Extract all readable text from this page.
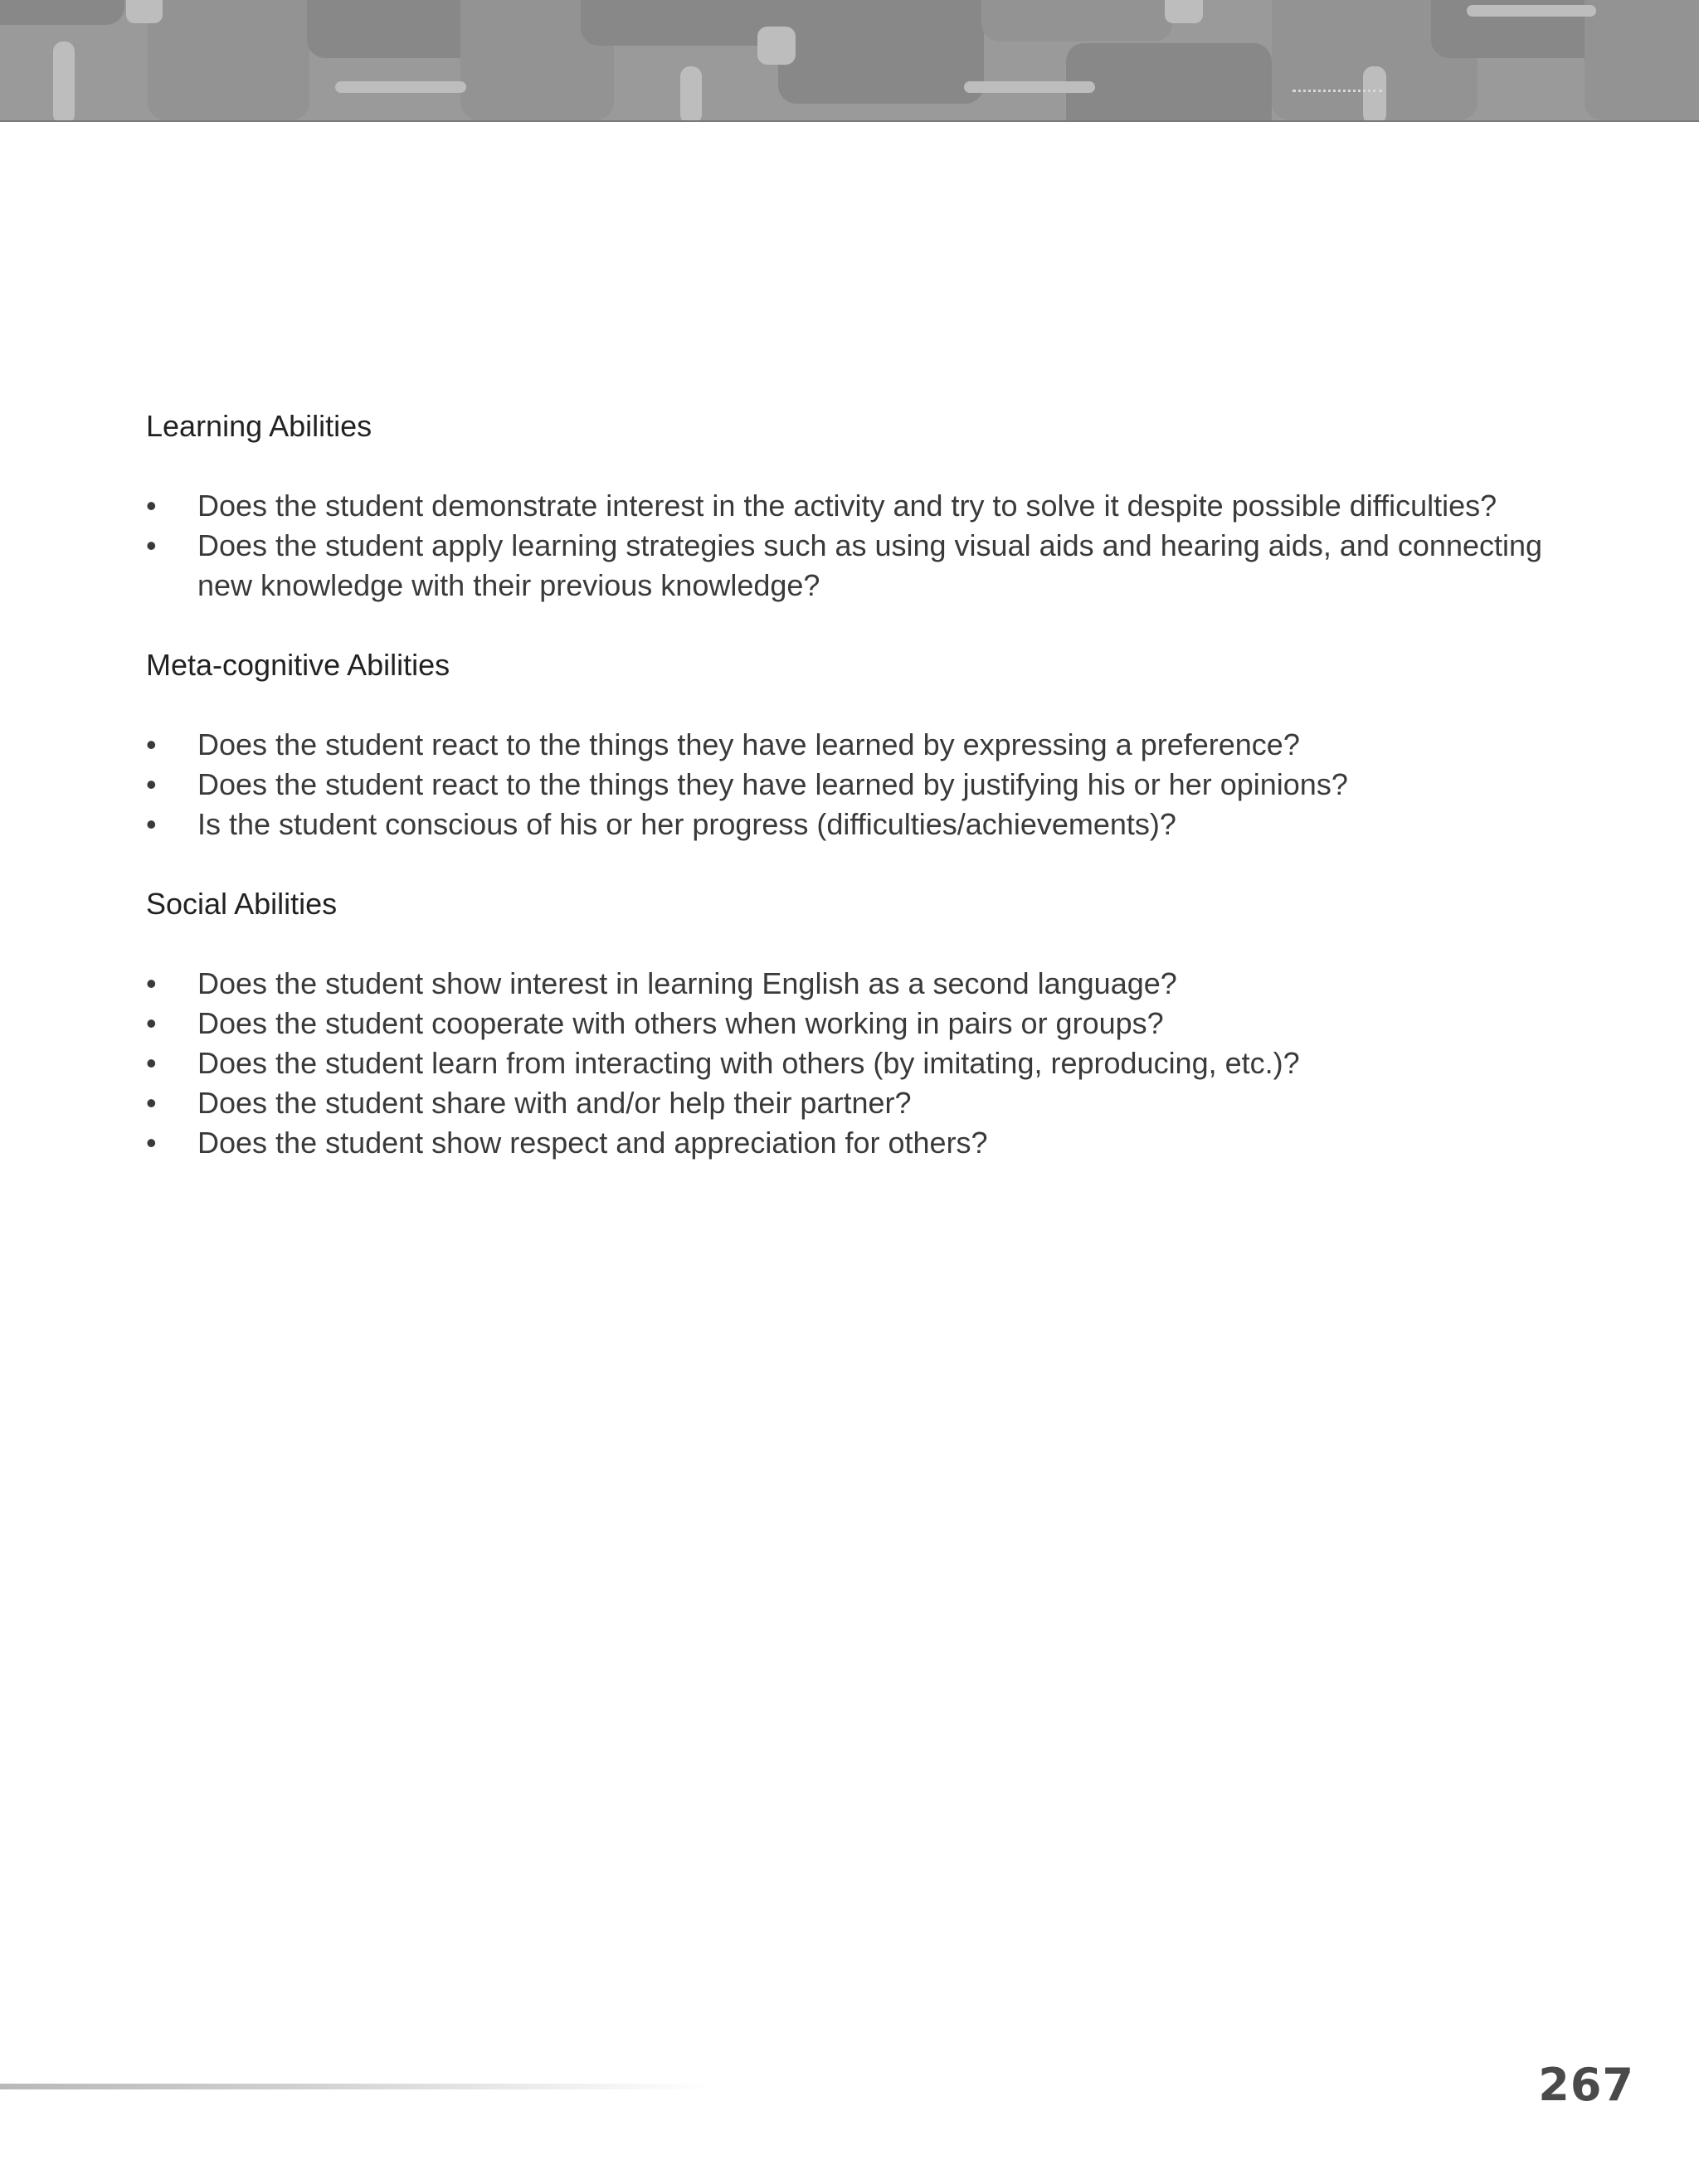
Learning Abilities
•	Does the student demonstrate interest in the activity and try to solve it despite possible difficulties?
•	Does the student apply learning strategies such as using visual aids and hearing aids, and connecting new knowledge with their previous knowledge?
Meta-cognitive Abilities
•	Does the student react to the things they have learned by expressing a preference?
•	Does the student react to the things they have learned by justifying his or her opinions?
•	Is the student conscious of his or her progress (difficulties/achievements)?
Social Abilities
•	Does the student show interest in learning English as a second language?
•	Does the student cooperate with others when working in pairs or groups?
•	Does the student learn from interacting with others (by imitating, reproducing, etc.)?
•	Does the student share with and/or help their partner?
•	Does the student show respect and appreciation for others?
267
